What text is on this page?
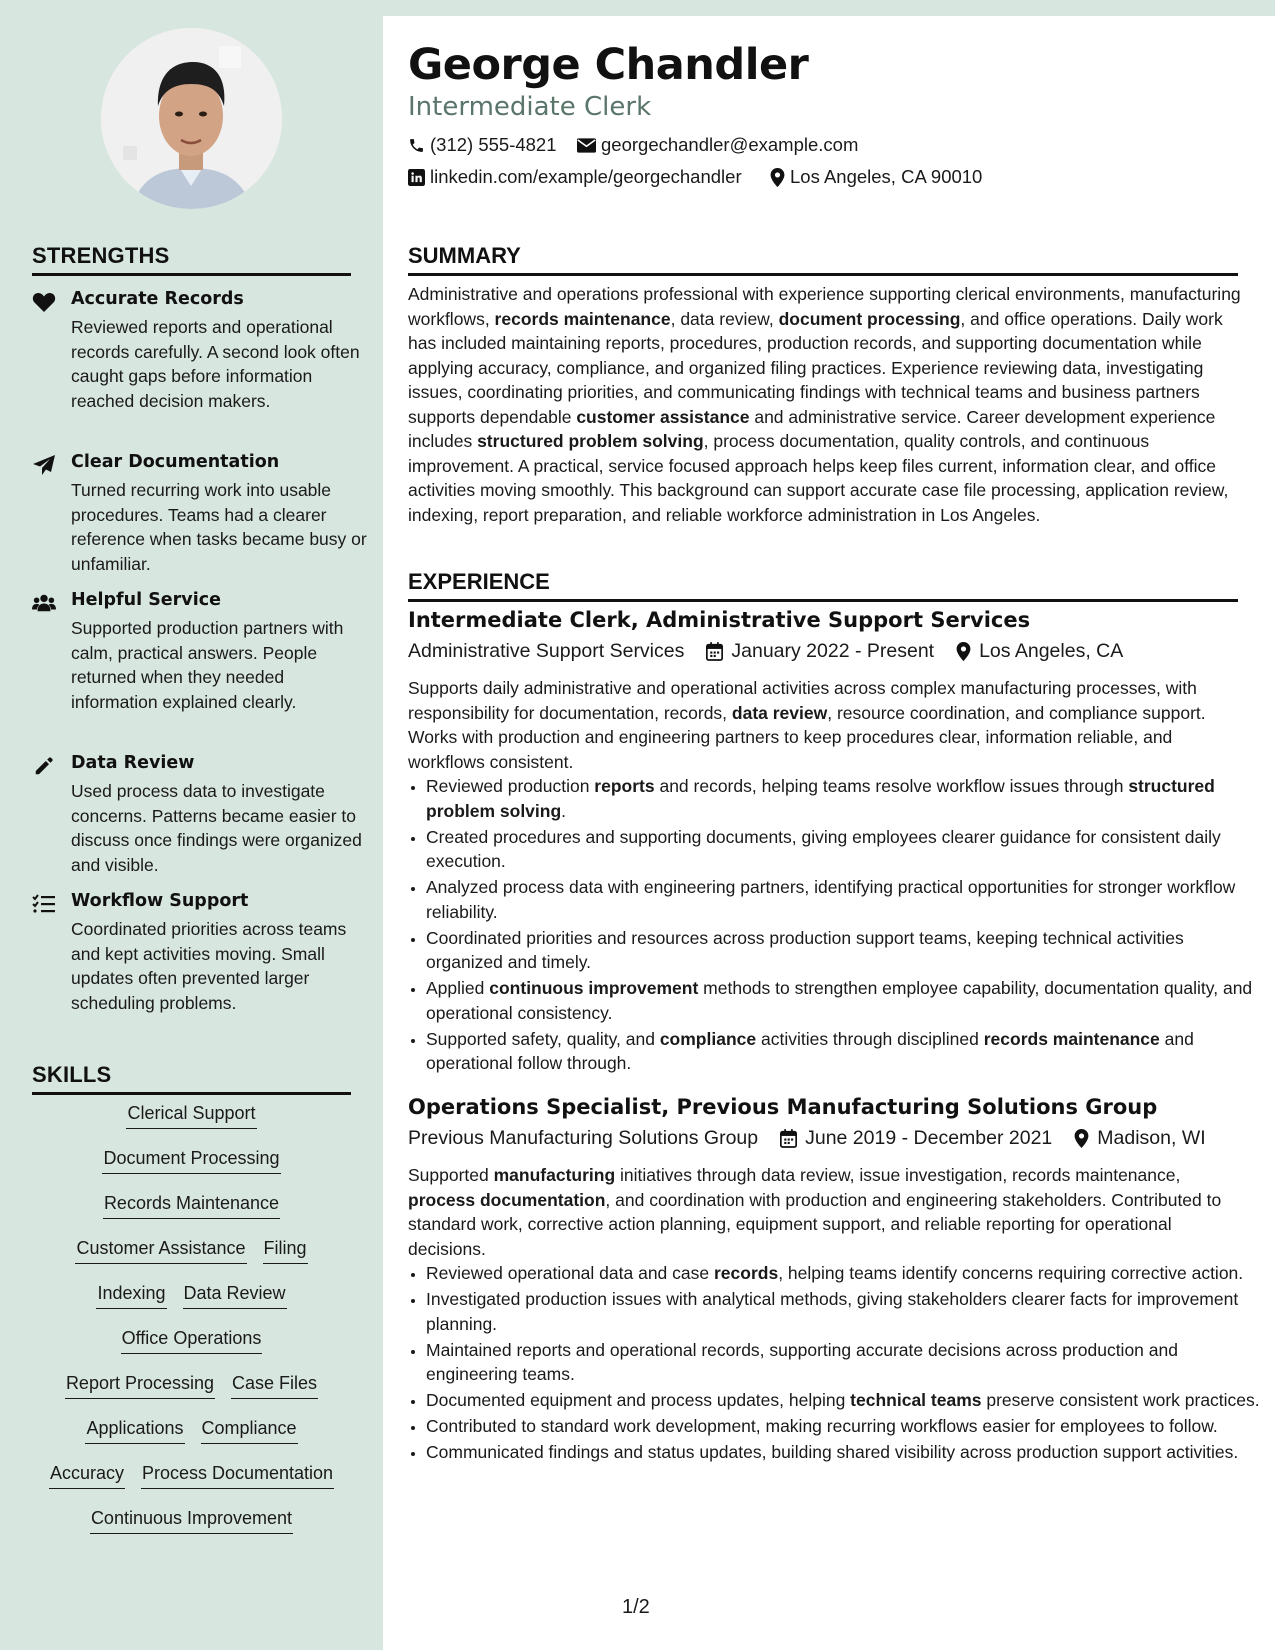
George Chandler
Intermediate Clerk
(312) 555-4821 georgechandler@example.com
linkedin.com/example/georgechandler	Los Angeles, CA 90010
STRENGTHS
Accurate Records
Reviewed reports and operational records carefully. A second look often caught gaps before information reached decision makers.
Clear Documentation
Turned recurring work into usable procedures. Teams had a clearer reference when tasks became busy or unfamiliar.
Helpful Service
Supported production partners with calm, practical answers. People returned when they needed information explained clearly.
Data Review
Used process data to investigate concerns. Patterns became easier to discuss once findings were organized and visible.
Workflow Support
Coordinated priorities across teams and kept activities moving. Small updates often prevented larger scheduling problems.
SKILLS
Clerical Support
Document Processing
Records Maintenance
Customer Assistance Filing
Indexing Data Review
Office Operations
Report Processing Case Files
Applications Compliance
Accuracy Process Documentation
Continuous Improvement
SUMMARY
Administrative and operations professional with experience supporting clerical environments, manufacturing workflows, records maintenance, data review, document processing, and office operations. Daily work has included maintaining reports, procedures, production records, and supporting documentation while applying accuracy, compliance, and organized filing practices. Experience reviewing data, investigating issues, coordinating priorities, and communicating findings with technical teams and business partners supports dependable customer assistance and administrative service. Career development experience includes structured problem solving, process documentation, quality controls, and continuous improvement. A practical, service focused approach helps keep files current, information clear, and office activities moving smoothly. This background can support accurate case file processing, application review, indexing, report preparation, and reliable workforce administration in Los Angeles.
EXPERIENCE
Intermediate Clerk, Administrative Support Services
Administrative Support Services January 2022 - Present Los Angeles, CA
Supports daily administrative and operational activities across complex manufacturing processes, with responsibility for documentation, records, data review, resource coordination, and compliance support. Works with production and engineering partners to keep procedures clear, information reliable, and workflows consistent.
• Reviewed production reports and records, helping teams resolve workflow issues through structured problem solving.
• Created procedures and supporting documents, giving employees clearer guidance for consistent daily execution.
• Analyzed process data with engineering partners, identifying practical opportunities for stronger workflow reliability.
• Coordinated priorities and resources across production support teams, keeping technical activities organized and timely.
• Applied continuous improvement methods to strengthen employee capability, documentation quality, and operational consistency.
• Supported safety, quality, and compliance activities through disciplined records maintenance and operational follow through.
Operations Specialist, Previous Manufacturing Solutions Group
Previous Manufacturing Solutions Group June 2019 - December 2021 Madison, WI
Supported manufacturing initiatives through data review, issue investigation, records maintenance, process documentation, and coordination with production and engineering stakeholders. Contributed to standard work, corrective action planning, equipment support, and reliable reporting for operational decisions.
• Reviewed operational data and case records, helping teams identify concerns requiring corrective action.
• Investigated production issues with analytical methods, giving stakeholders clearer facts for improvement planning.
• Maintained reports and operational records, supporting accurate decisions across production and engineering teams.
• Documented equipment and process updates, helping technical teams preserve consistent work practices.
• Contributed to standard work development, making recurring workflows easier for employees to follow.
• Communicated findings and status updates, building shared visibility across production support activities.
1/2
